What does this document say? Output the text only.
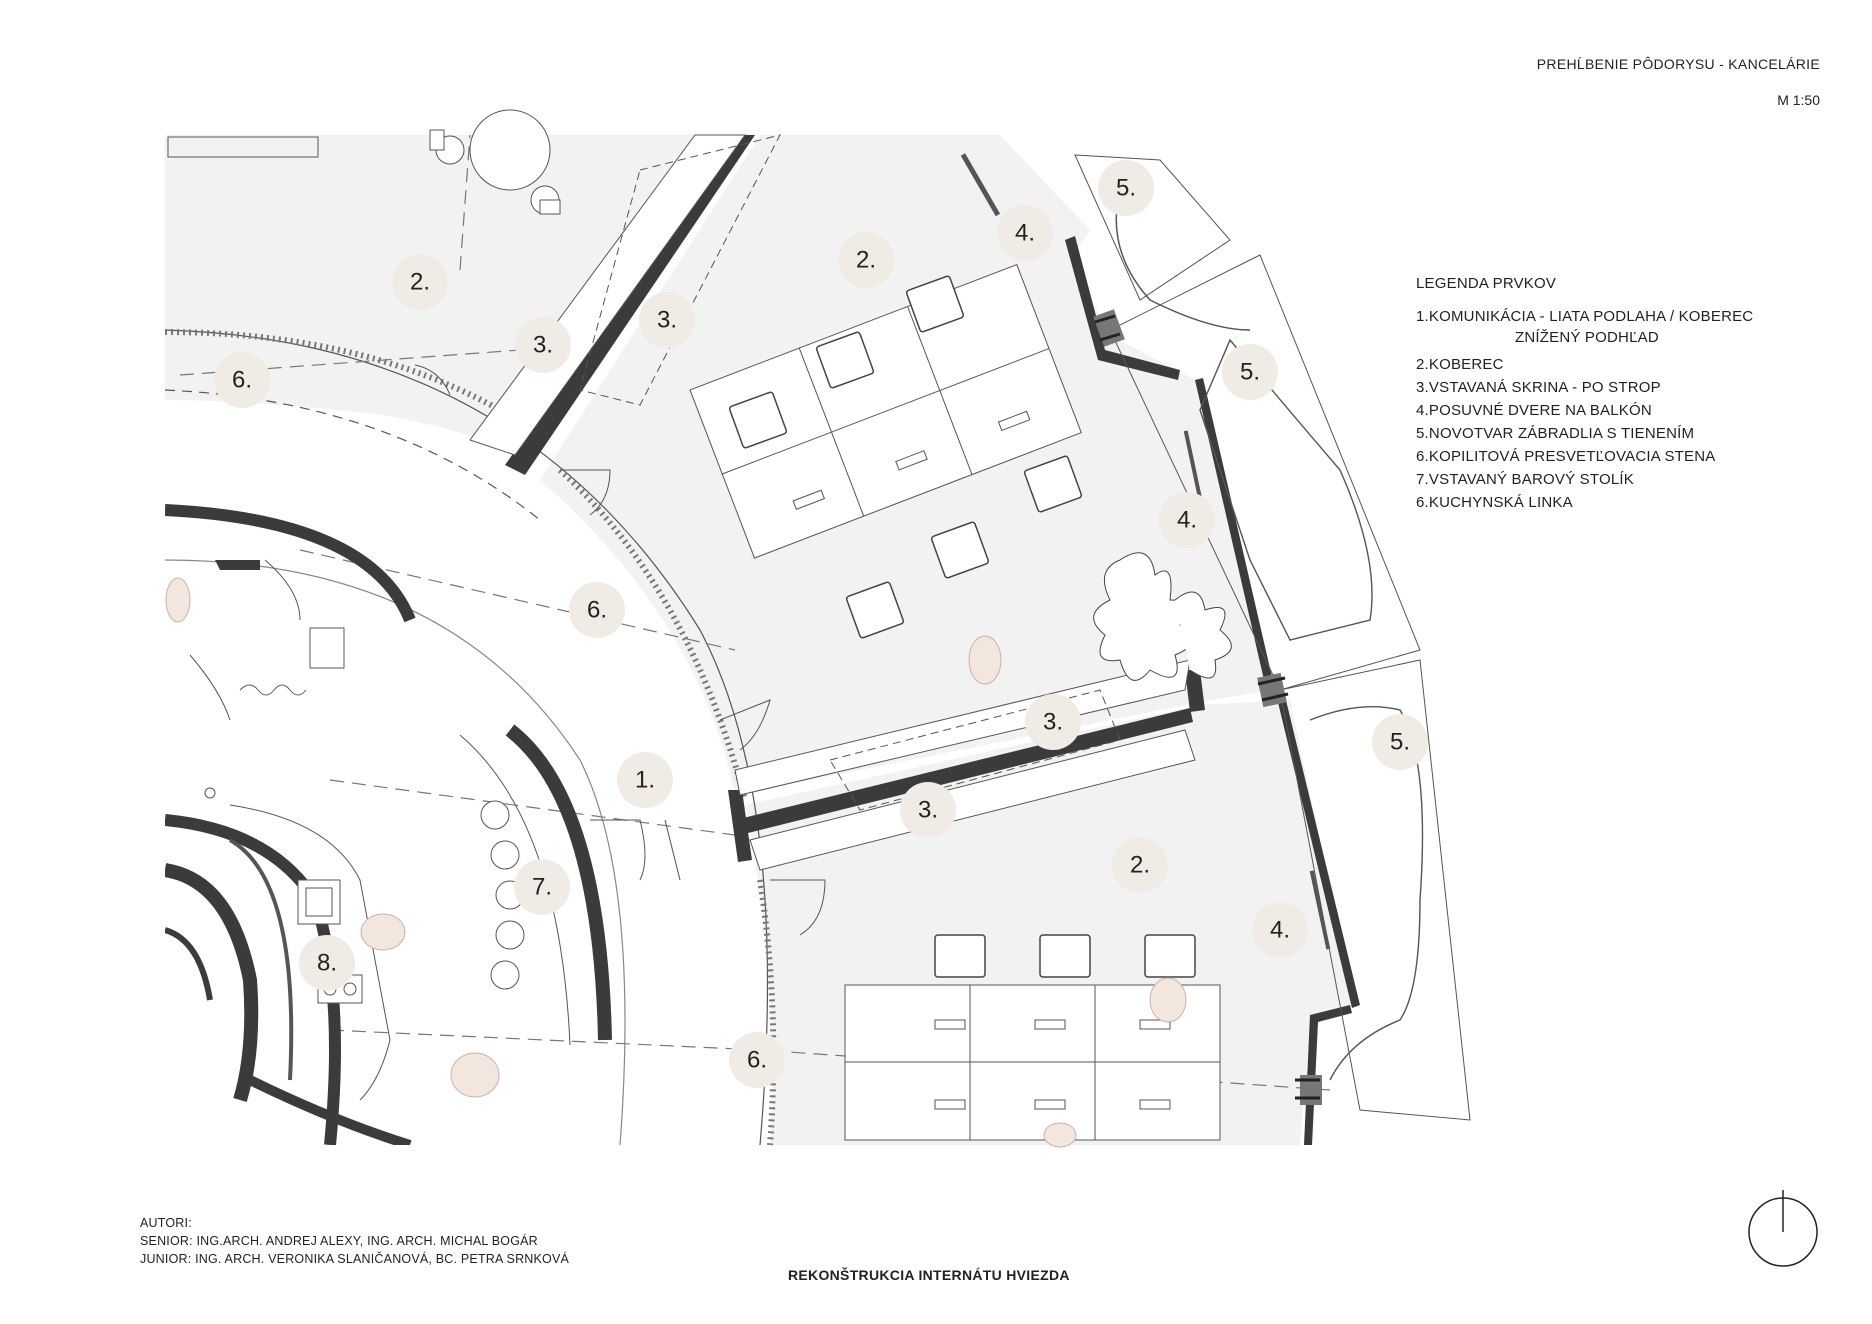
PREHĹBENIE PÔDORYSU - KANCELÁRIE
M 1:50
2.
3.
6.
3.
2.
4.
5.
5.
4.
6.
3.
5.
1.
3.
2.
7.
4.
8.
6.
LEGENDA PRVKOV
1.KOMUNIKÁCIA - LIATA PODLAHA / KOBEREC
ZNÍŽENÝ PODHĽAD
2.KOBEREC
3.VSTAVANÁ SKRINA - PO STROP
4.POSUVNÉ DVERE NA BALKÓN
5.NOVOTVAR ZÁBRADLIA S TIENENÍM
6.KOPILITOVÁ PRESVETĽOVACIA STENA
7.VSTAVANÝ BAROVÝ STOLÍK
6.KUCHYNSKÁ LINKA
AUTORI:
SENIOR: ING.ARCH. ANDREJ ALEXY, ING. ARCH. MICHAL BOGÁR
JUNIOR: ING. ARCH. VERONIKA SLANIČANOVÁ, BC. PETRA SRNKOVÁ
REKONŠTRUKCIA INTERNÁTU HVIEZDA
